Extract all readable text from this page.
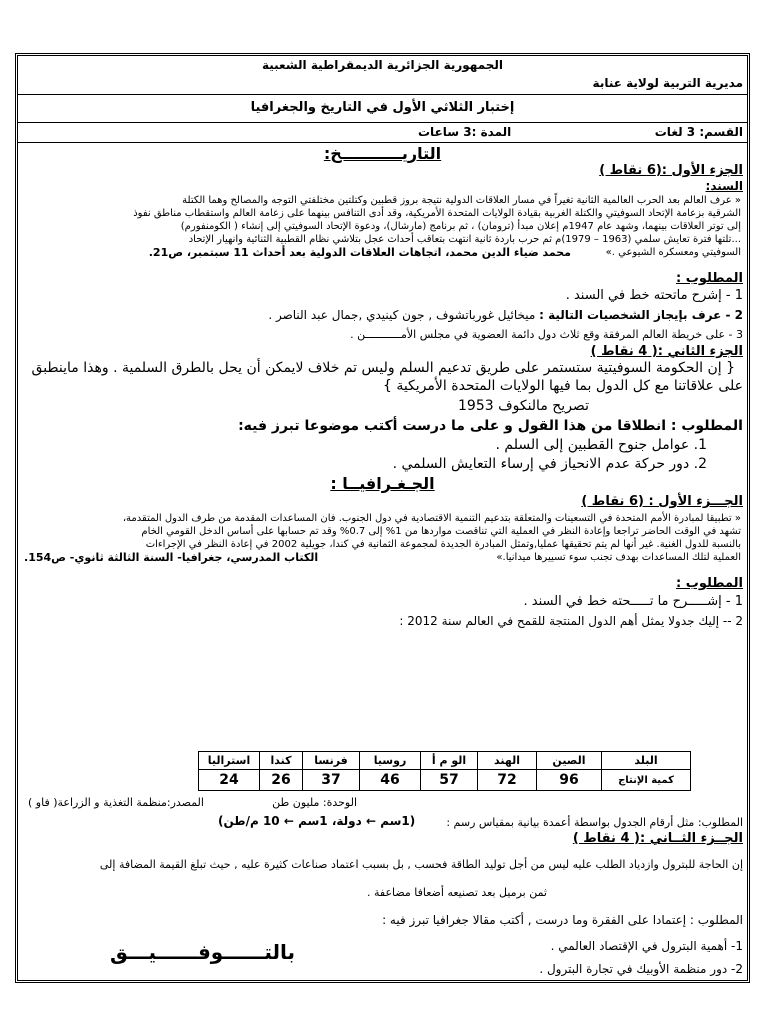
الجمهورية الجزائرية الديمقراطية الشعبية
مديرية التربية لولاية عنابة
إختبار الثلاثي الأول في التاريخ والجغرافيا
القسم: 3 لغات
المدة :3 ساعات
التاريـــــــــــخ:
الجزء الأول :(6 نقاط )
السند:
« عرف العالم بعد الحرب العالمية الثانية تغيراً في مسار العلاقات الدولية نتيجة بروز قطبين وكتلتين مختلفتي التوجه والمصالح وهما الكتلة
الشرقية بزعامة الإتحاد السوفيتي والكتلة الغربية بقيادة الولايات المتحدة الأمريكية، وقد أدى التنافس بينهما على زعامة العالم واستقطاب مناطق نفوذ
إلى توتر العلاقات بينهما، وشهد عام 1947م إعلان مبدأ (ترومان) ، ثم برنامج (مارشال)، ودعوة الإتحاد السوفيتي إلى إنشاء ( الكومنفورم)
...تلتها فترة تعايش سلمي (1963 – 1979)م ثم حرب باردة ثانية انتهت بتعاقب أحداث عجل بتلاشي نظام القطبية الثنائية وانهيار الإتحاد
السوفيتي ومعسكره الشيوعي .»
محمد ضياء الدين محمد، اتجاهات العلاقات الدولية بعد أحداث 11 سبتمبر، ص21.
المطلوب :
1 - إشرح ماتحته خط في السند .
2 - عرف بإيجاز الشخصيات التالية : ميخائيل غورباتشوف , جون كينيدي ,جمال عبد الناصر .
3 - على خريطة العالم المرفقة وقع ثلاث دول دائمة العضوية في مجلس الأمـــــــــــن .
الجزء الثاني :( 4 نقاط )
{ إن الحكومة السوفيتية ستستمر على طريق تدعيم السلم وليس تم خلاف لايمكن أن يحل بالطرق السلمية . وهذا ماينطبق
على علاقاتنا مع كل الدول بما فيها الولايات المتحدة الأمريكية }
تصريح مالنكوف 1953
المطلوب : انطلاقا من هذا القول و على ما درست أكتب موضوعا تبرز فيه:
1. عوامل جنوح القطبين إلى السلم .
2. دور حركة عدم الانحياز في إرساء التعايش السلمي .
الجـغـرافيــا :
الجـــزء الأول : (6 نقاط )
« تطبيقا لمبادرة الأمم المتحدة في التسعينات والمتعلقة بتدعيم التنمية الاقتصادية في دول الجنوب. فان المساعدات المقدمة من طرف الدول المتقدمة،
تشهد في الوقت الحاضر تراجعا وإعادة النظر في العملية التي تناقصت مواردها من 1% إلى 0.7% وقد تم حسابها على أساس الدخل القومي الخام
بالنسبة للدول الغنية. غير أنها لم يتم تحقيقها عمليا,وتمثل المبادرة الجديدة لمجموعة الثمانية في كندا، جويلية 2002 في إعادة النظر في الإجراءات
العملية لتلك المساعدات بهدف تجنب سوء تسييرها ميدانيا.»
الكتاب المدرسي، جغرافيا- السنة الثالثة ثانوي- ص154.
المطلوب :
1 - إشـــــرح ما تـــــحته خط في السند .
2 -- إليك جدولا يمثل أهم الدول المنتجة للقمح في العالم سنة 2012 :
البلد	الصين	الهند	الو م أ	روسيا	فرنسا	كندا	استراليا
كمية الإنتاج	96	72	57	46	37	26	24
الوحدة: مليون طن
المصدر:منظمة التغذية و الزراعة( فاو )
المطلوب: مثل أرقام الجدول بواسطة أعمدة بيانية بمقياس رسم :
(1سم ← دولة، 1سم ← 10 م/طن)
الجــزء الثــاني :( 4 نقاط )
إن الحاجة للبترول وازدياد الطلب عليه ليس من أجل توليد الطاقة فحسب , بل بسبب اعتماد صناعات كثيرة عليه , حيث تبلغ القيمة المضافة إلى
ثمن برميل بعد تصنيعه أضعافا مضاعفة .
المطلوب : إعتمادا على الفقرة وما درست , أكتب مقالا جغرافيا تبرز فيه :
1- أهمية البترول في الإقتصاد العالمي .
2- دور منظمة الأوبيك في تجارة البترول .
بالتــــــوفــــــيـــق
